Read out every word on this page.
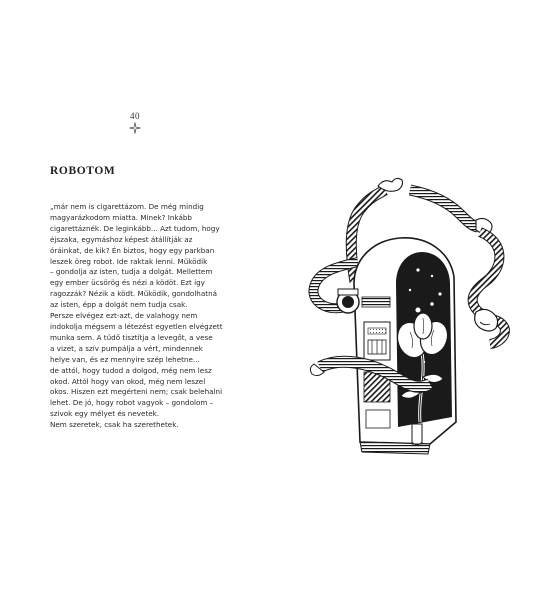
40
ROBOTOM
„már nem is cigarettázom. De még mindig
magyarázkodom miatta. Minek? Inkább
cigarettáznék. De leginkább... Azt tudom, hogy
éjszaka, egymáshoz képest átállítják az
óráinkat, de kik? Én biztos, hogy egy parkban
leszek öreg robot. Ide raktak lenni. Működik
– gondolja az isten, tudja a dolgát. Mellettem
egy ember ücsörög és nézi a ködöt. Ezt így
ragozzák? Nézik a ködt. Működik, gondolhatná
az isten, épp a dolgát nem tudja csak.
Persze elvégez ezt-azt, de valahogy nem
indokolja mégsem a létezést egyetlen elvégzett
munka sem. A tüdő tisztítja a levegőt, a vese
a vizet, a szív pumpálja a vért, mindennek
helye van, és ez mennyire szép lehetne...
de attól, hogy tudod a dolgod, még nem lesz
okod. Attól hogy van okod, még nem leszel
okos. Hiszen ezt megérteni nem; csak belehalni
lehet. De jó, hogy robot vagyok – gondolom –
szivok egy mélyet és nevetek.
Nem szeretek, csak ha szerethetek.
